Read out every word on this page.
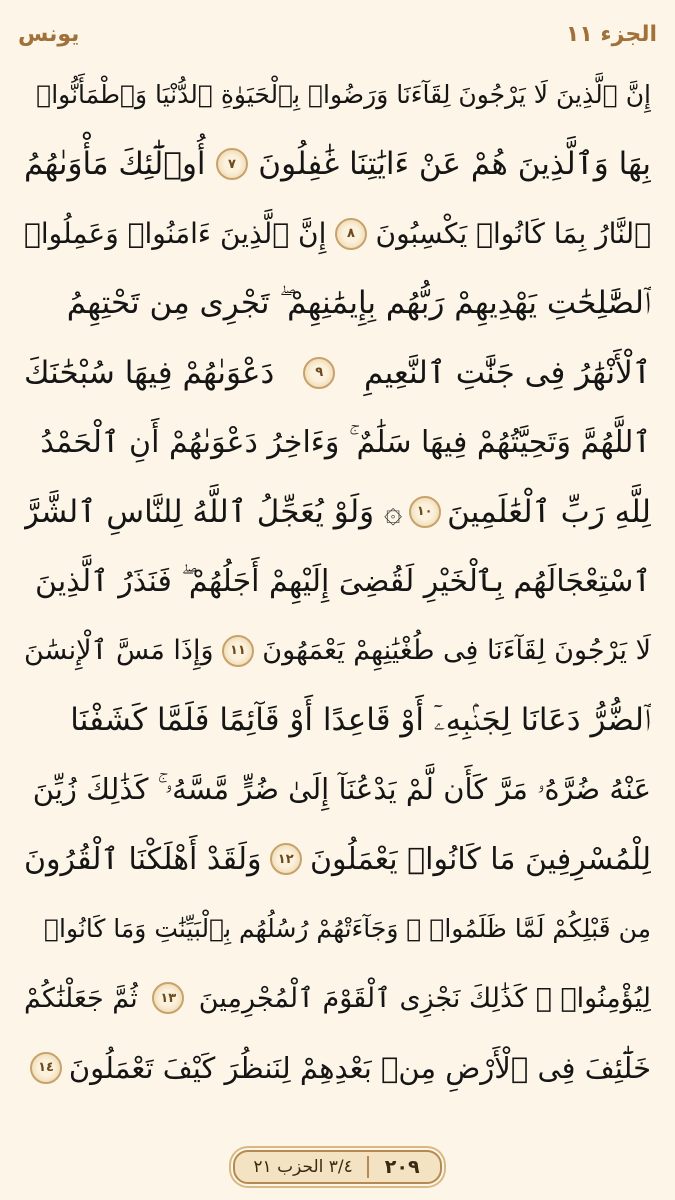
يونس	الجزء ١١
إِنَّ ٱلَّذِينَ لَا يَرْجُونَ لِقَآءَنَا وَرَضُوا۟ بِٱلْحَيَوٰةِ ٱلدُّنْيَا وَٱطْمَأَنُّوا۟
بِهَا وَٱلَّذِينَ هُمْ عَنْ ءَايَٰتِنَا غَٰفِلُونَ
٧
أُو۟لَٰٓئِكَ مَأْوَىٰهُمُ
ٱلنَّارُ بِمَا كَانُوا۟ يَكْسِبُونَ
٨
إِنَّ ٱلَّذِينَ ءَامَنُوا۟ وَعَمِلُوا۟
ٱلصَّٰلِحَٰتِ يَهْدِيهِمْ رَبُّهُم بِإِيمَٰنِهِمْ ۖ تَجْرِى مِن تَحْتِهِمُ
ٱلْأَنْهَٰرُ فِى جَنَّٰتِ ٱلنَّعِيمِ
٩
دَعْوَىٰهُمْ فِيهَا سُبْحَٰنَكَ
ٱللَّهُمَّ وَتَحِيَّتُهُمْ فِيهَا سَلَٰمٌ ۚ وَءَاخِرُ دَعْوَىٰهُمْ أَنِ ٱلْحَمْدُ
لِلَّهِ رَبِّ ٱلْعَٰلَمِينَ
١٠
۞ وَلَوْ يُعَجِّلُ ٱللَّهُ لِلنَّاسِ ٱلشَّرَّ
ٱسْتِعْجَالَهُم بِٱلْخَيْرِ لَقُضِىَ إِلَيْهِمْ أَجَلُهُمْ ۖ فَنَذَرُ ٱلَّذِينَ
لَا يَرْجُونَ لِقَآءَنَا فِى طُغْيَٰنِهِمْ يَعْمَهُونَ
١١
وَإِذَا مَسَّ ٱلْإِنسَٰنَ
ٱلضُّرُّ دَعَانَا لِجَنۢبِهِۦٓ أَوْ قَاعِدًا أَوْ قَآئِمًا فَلَمَّا كَشَفْنَا
عَنْهُ ضُرَّهُۥ مَرَّ كَأَن لَّمْ يَدْعُنَآ إِلَىٰ ضُرٍّ مَّسَّهُۥ ۚ كَذَٰلِكَ زُيِّنَ
لِلْمُسْرِفِينَ مَا كَانُوا۟ يَعْمَلُونَ
١٢
وَلَقَدْ أَهْلَكْنَا ٱلْقُرُونَ
مِن قَبْلِكُمْ لَمَّا ظَلَمُوا۟ ۙ وَجَآءَتْهُمْ رُسُلُهُم بِٱلْبَيِّنَٰتِ وَمَا كَانُوا۟
لِيُؤْمِنُوا۟ ۚ كَذَٰلِكَ نَجْزِى ٱلْقَوْمَ ٱلْمُجْرِمِينَ
١٣
ثُمَّ جَعَلْنَٰكُمْ
خَلَٰٓئِفَ فِى ٱلْأَرْضِ مِنۢ بَعْدِهِمْ لِنَنظُرَ كَيْفَ تَعْمَلُونَ
١٤
٢٠٩
٣/٤ الحزب ٢١
